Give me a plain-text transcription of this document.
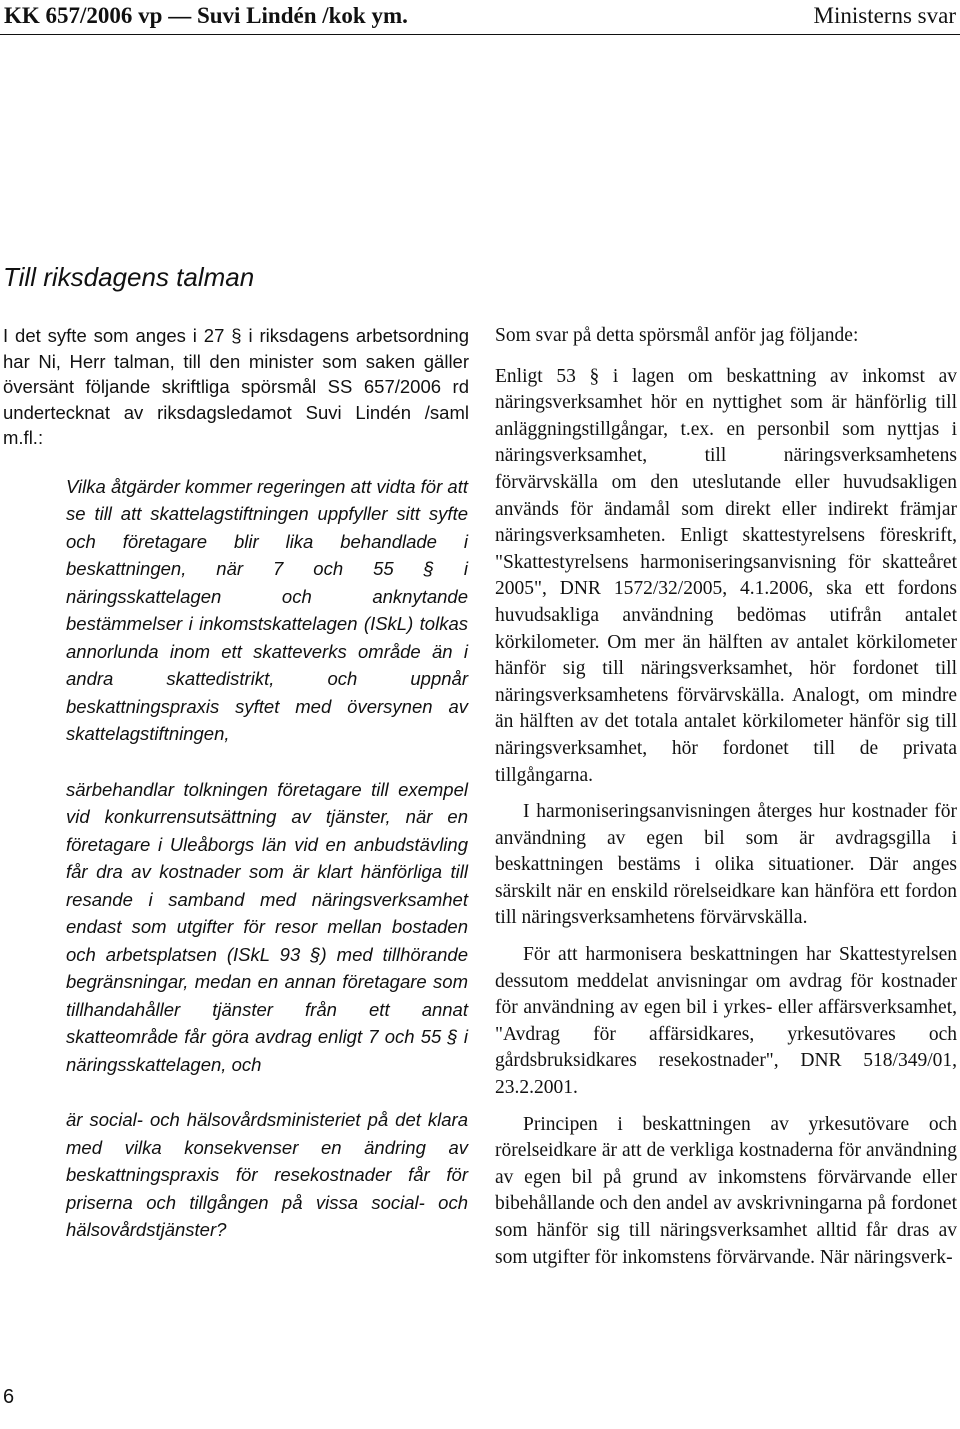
KK 657/2006 vp — Suvi Lindén /kok ym.	Ministerns svar
Till riksdagens talman

I det syfte som anges i 27 § i riksdagens arbetsordning har Ni, Herr talman, till den minister som saken gäller översänt följande skriftliga spörsmål SS 657/2006 rd undertecknat av riksdagsledamot Suvi Lindén /saml m.fl.:

Vilka åtgärder kommer regeringen att vidta för att se till att skattelagstiftningen uppfyller sitt syfte och företagare blir lika behandlade i beskattningen, när 7 och 55 § i näringsskattelagen och anknytande bestämmelser i inkomstskattelagen (ISkL) tolkas annorlunda inom ett skatteverks område än i andra skattedistrikt, och uppnår beskattningspraxis syftet med översynen av skattelagstiftningen,

särbehandlar tolkningen företagare till exempel vid konkurrensutsättning av tjänster, när en företagare i Uleåborgs län vid en anbudstävling får dra av kostnader som är klart hänförliga till resande i samband med näringsverksamhet endast som utgifter för resor mellan bostaden och arbetsplatsen (ISkL 93 §) med tillhörande begränsningar, medan en annan företagare som tillhandahåller tjänster från ett annat skatteområde får göra avdrag enligt 7 och 55 § i näringsskattelagen, och

är social- och hälsovårdsministeriet på det klara med vilka konsekvenser en ändring av beskattningspraxis för resekostnader får för priserna och tillgången på vissa social- och hälsovårdstjänster?

Som svar på detta spörsmål anför jag följande:

Enligt 53 § i lagen om beskattning av inkomst av näringsverksamhet hör en nyttighet som är hänförlig till anläggningstillgångar, t.ex. en personbil som nyttjas i näringsverksamhet, till näringsverksamhetens förvärvskälla om den uteslutande eller huvudsakligen används för ändamål som direkt eller indirekt främjar näringsverksamheten. Enligt skattestyrelsens föreskrift, "Skattestyrelsens harmoniseringsanvisning för skatteåret 2005", DNR 1572/32/2005, 4.1.2006, ska ett fordons huvudsakliga användning bedömas utifrån antalet körkilometer. Om mer än hälften av antalet körkilometer hänför sig till näringsverksamhet, hör fordonet till näringsverksamhetens förvärvskälla. Analogt, om mindre än hälften av det totala antalet körkilometer hänför sig till näringsverksamhet, hör fordonet till de privata tillgångarna.

I harmoniseringsanvisningen återges hur kostnader för användning av egen bil som är avdragsgilla i beskattningen bestäms i olika situationer. Där anges särskilt när en enskild rörelseidkare kan hänföra ett fordon till näringsverksamhetens förvärvskälla.

För att harmonisera beskattningen har Skattestyrelsen dessutom meddelat anvisningar om avdrag för kostnader för användning av egen bil i yrkes- eller affärsverksamhet, "Avdrag för affärsidkares, yrkesutövares och gårdsbruksidkares resekostnader", DNR 518/349/01, 23.2.2001.

Principen i beskattningen av yrkesutövare och rörelseidkare är att de verkliga kostnaderna för användning av egen bil på grund av inkomstens förvärvande eller bibehållande och den andel av avskrivningarna på fordonet som hänför sig till näringsverksamhet alltid får dras av som utgifter för inkomstens förvärvande. När näringsverk-

6
